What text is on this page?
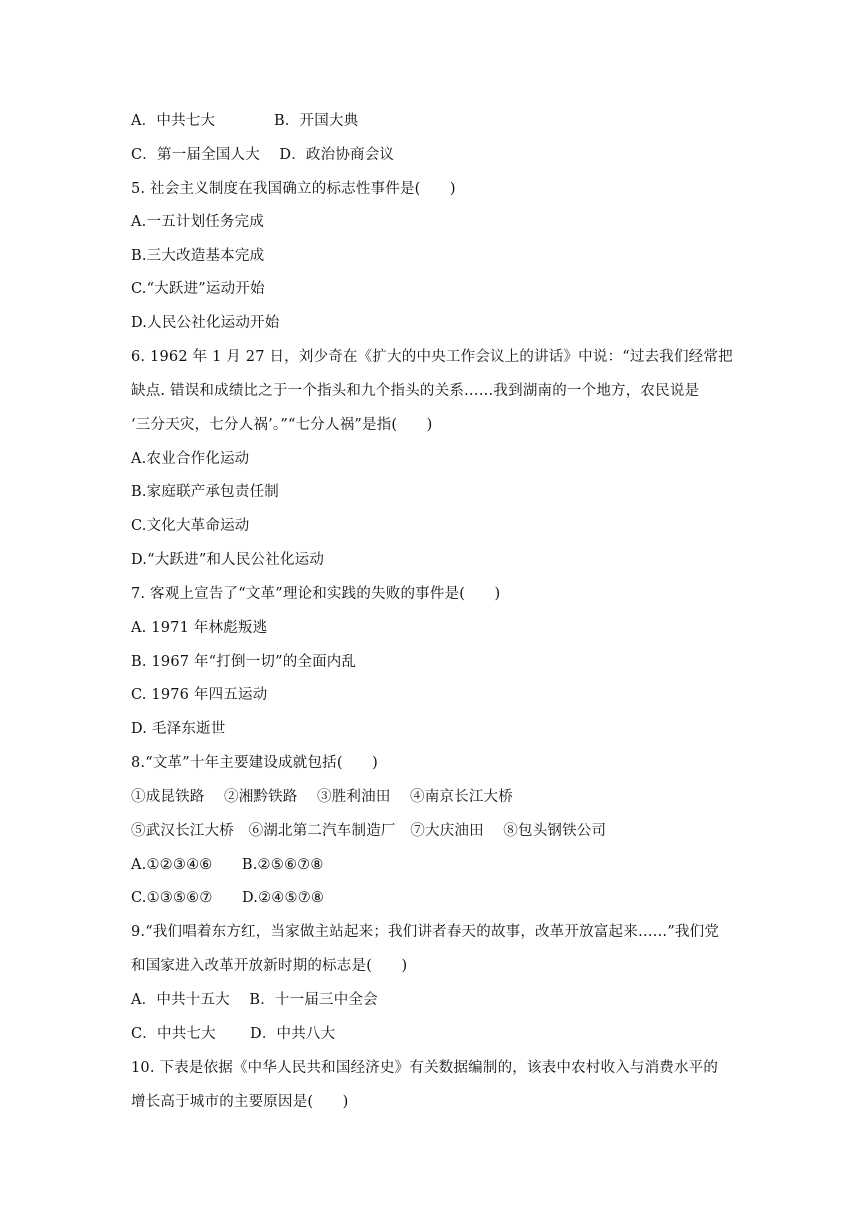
A．中共七大　　　　B．开国大典
C．第一届全国人大　 D．政治协商会议
5. 社会主义制度在我国确立的标志性事件是(　　)
A.一五计划任务完成
B.三大改造基本完成
C.“大跃进”运动开始
D.人民公社化运动开始
6. 1962 年 1 月 27 日，刘少奇在《扩大的中央工作会议上的讲话》中说：“过去我们经常把
缺点. 错误和成绩比之于一个指头和九个指头的关系……我到湖南的一个地方，农民说是
‘三分天灾，七分人祸’。”“七分人祸”是指(　　)
A.农业合作化运动
B.家庭联产承包责任制
C.文化大革命运动
D.“大跃进”和人民公社化运动
7. 客观上宣告了“文革”理论和实践的失败的事件是(　　)
A. 1971 年林彪叛逃
B. 1967 年“打倒一切”的全面内乱
C. 1976 年四五运动
D. 毛泽东逝世
8.“文革”十年主要建设成就包括(　　)
①成昆铁路　 ②湘黔铁路　 ③胜利油田　 ④南京长江大桥
⑤武汉长江大桥　⑥湖北第二汽车制造厂　⑦大庆油田　 ⑧包头钢铁公司
A.①②③④⑥　　B.②⑤⑥⑦⑧
C.①③⑤⑥⑦　　D.②④⑤⑦⑧
9.“我们唱着东方红，当家做主站起来；我们讲者春天的故事，改革开放富起来……”我们党
和国家进入改革开放新时期的标志是(　　)
A．中共十五大　 B．十一届三中全会
C．中共七大　　 D．中共八大
10. 下表是依据《中华人民共和国经济史》有关数据编制的，该表中农村收入与消费水平的
增长高于城市的主要原因是(　　)
